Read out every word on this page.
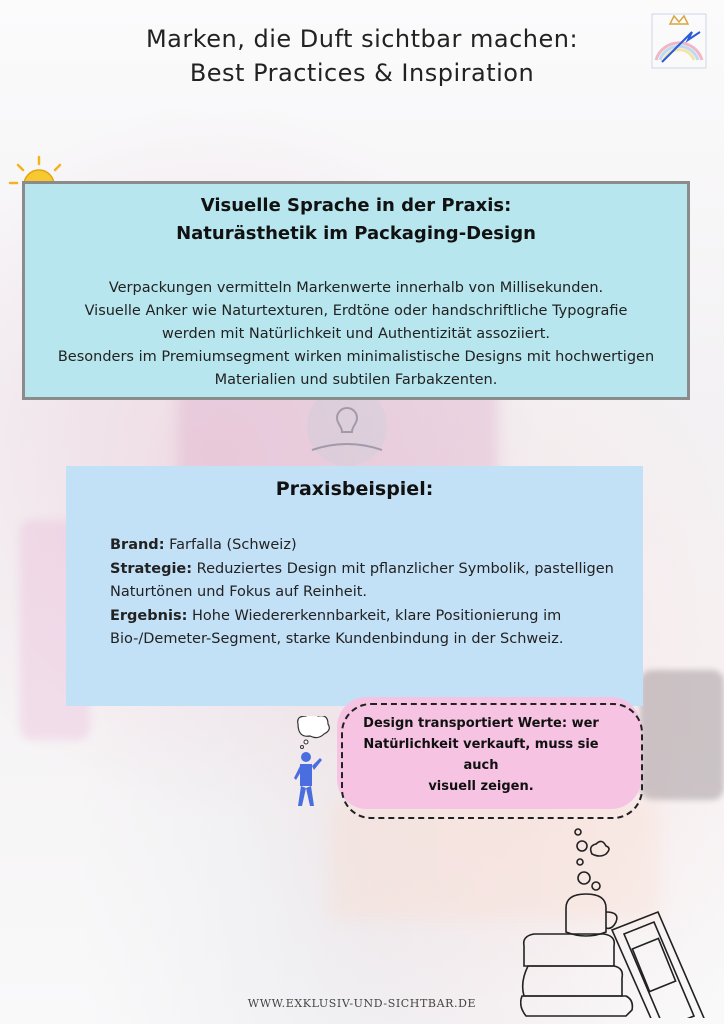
Marken, die Duft sichtbar machen:
Best Practices & Inspiration
Visuelle Sprache in der Praxis:
Naturästhetik im Packaging-Design
Verpackungen vermitteln Markenwerte innerhalb von Millisekunden.
Visuelle Anker wie Naturtexturen, Erdtöne oder handschriftliche Typografie
werden mit Natürlichkeit und Authentizität assoziiert.
Besonders im Premiumsegment wirken minimalistische Designs mit hochwertigen
Materialien und subtilen Farbakzenten.
Praxisbeispiel:
Brand: Farfalla (Schweiz)
Strategie: Reduziertes Design mit pflanzlicher Symbolik, pastelligen Naturtönen und Fokus auf Reinheit.
Ergebnis: Hohe Wiedererkennbarkeit, klare Positionierung im Bio-/Demeter-Segment, starke Kundenbindung in der Schweiz.
Design transportiert Werte: wer
Natürlichkeit verkauft, muss sie auch
visuell zeigen.
WWW.EXKLUSIV-UND-SICHTBAR.DE
